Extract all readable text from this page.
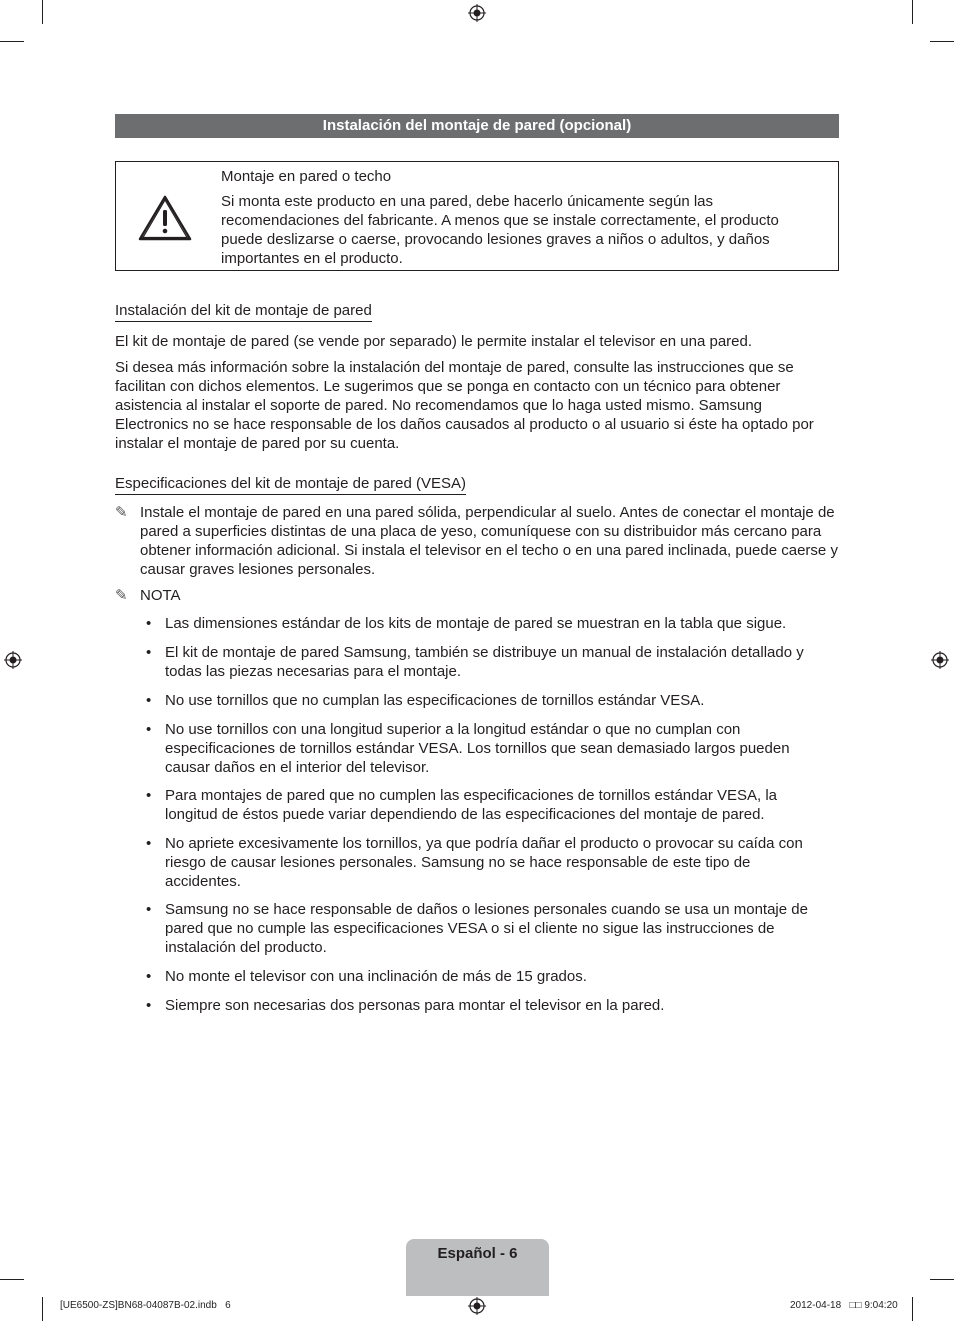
Instalación del montaje de pared (opcional)
Montaje en pared o techo
Si monta este producto en una pared, debe hacerlo únicamente según las recomendaciones del fabricante. A menos que se instale correctamente, el producto puede deslizarse o caerse, provocando lesiones graves a niños o adultos, y daños importantes en el producto.
Instalación del kit de montaje de pared
El kit de montaje de pared (se vende por separado) le permite instalar el televisor en una pared.
Si desea más información sobre la instalación del montaje de pared, consulte las instrucciones que se facilitan con dichos elementos. Le sugerimos que se ponga en contacto con un técnico para obtener asistencia al instalar el soporte de pared. No recomendamos que lo haga usted mismo. Samsung Electronics no se hace responsable de los daños causados al producto o al usuario si éste ha optado por instalar el montaje de pared por su cuenta.
Especificaciones del kit de montaje de pared (VESA)
✎ Instale el montaje de pared en una pared sólida, perpendicular al suelo. Antes de conectar el montaje de pared a superficies distintas de una placa de yeso, comuníquese con su distribuidor más cercano para obtener información adicional. Si instala el televisor en el techo o en una pared inclinada, puede caerse y causar graves lesiones personales.
✎ NOTA
• Las dimensiones estándar de los kits de montaje de pared se muestran en la tabla que sigue.
• El kit de montaje de pared Samsung, también se distribuye un manual de instalación detallado y todas las piezas necesarias para el montaje.
• No use tornillos que no cumplan las especificaciones de tornillos estándar VESA.
• No use tornillos con una longitud superior a la longitud estándar o que no cumplan con especificaciones de tornillos estándar VESA. Los tornillos que sean demasiado largos pueden causar daños en el interior del televisor.
• Para montajes de pared que no cumplen las especificaciones de tornillos estándar VESA, la longitud de éstos puede variar dependiendo de las especificaciones del montaje de pared.
• No apriete excesivamente los tornillos, ya que podría dañar el producto o provocar su caída con riesgo de causar lesiones personales. Samsung no se hace responsable de este tipo de accidentes.
• Samsung no se hace responsable de daños o lesiones personales cuando se usa un montaje de pared que no cumple las especificaciones VESA o si el cliente no sigue las instrucciones de instalación del producto.
• No monte el televisor con una inclinación de más de 15 grados.
• Siempre son necesarias dos personas para montar el televisor en la pared.
Español - 6
[UE6500-ZS]BN68-04087B-02.indb   6	2012-04-18   □□ 9:04:20
